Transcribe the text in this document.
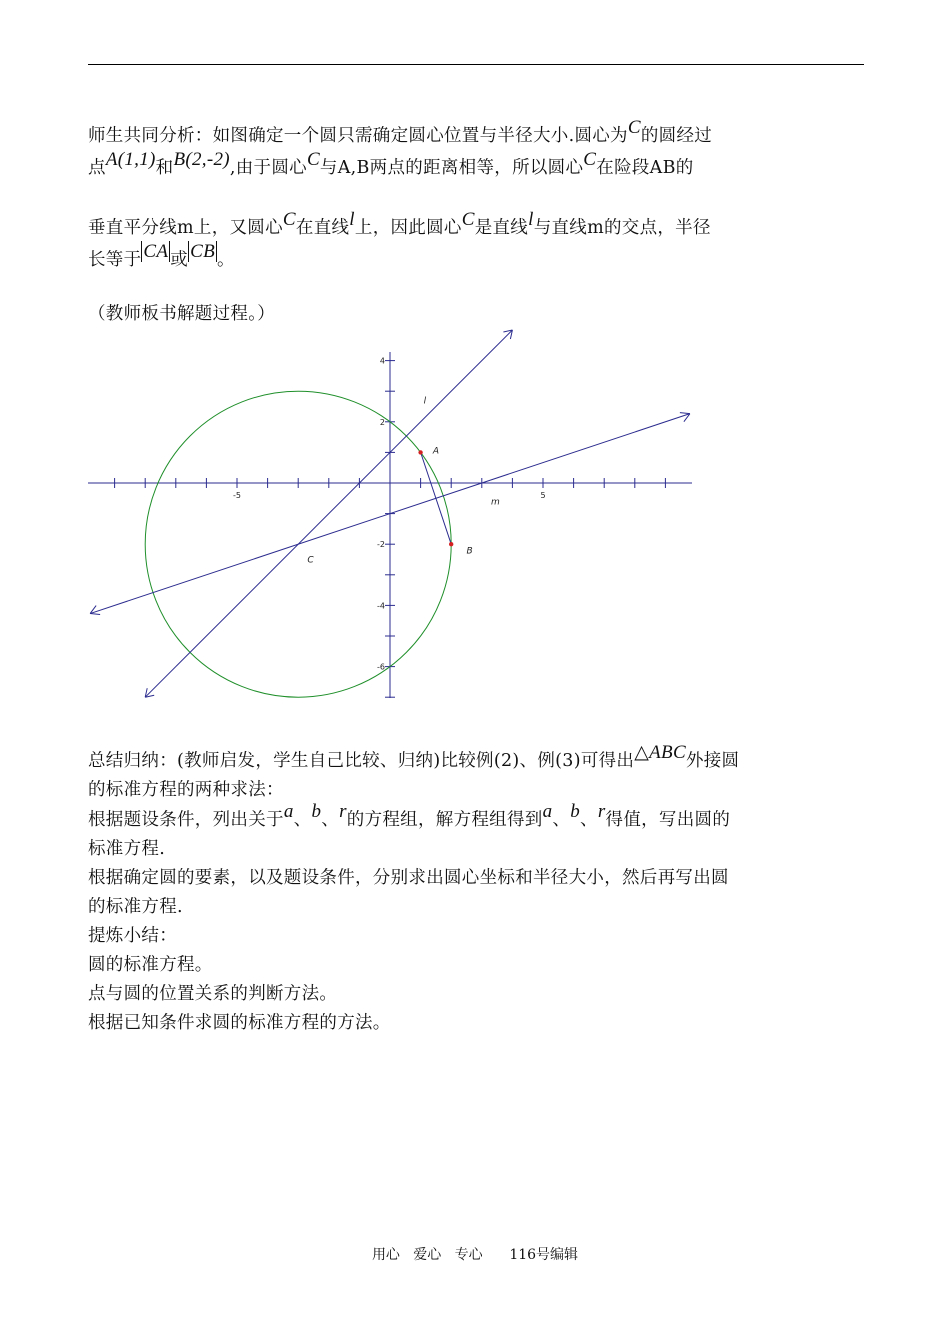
师生共同分析：如图确定一个圆只需确定圆心位置与半径大小.圆心为C的圆经过
点A(1,1)和B(2,-2),由于圆心C与A,B两点的距离相等，所以圆心C在险段AB的
垂直平分线m上，又圆心C在直线l上，因此圆心C是直线l与直线m的交点，半径
长等于 CA 或 CB 。
（教师板书解题过程。）
-5	5
4
2
-2
-4
-6
l
A
m
B
C
总结归纳：(教师启发，学生自己比较、归纳)比较例(2)、例(3)可得出△ABC外接圆
的标准方程的两种求法：
根据题设条件，列出关于a、b、r的方程组，解方程组得到a、b、r得值，写出圆的
标准方程.
根据确定圆的要素，以及题设条件，分别求出圆心坐标和半径大小，然后再写出圆
的标准方程.
提炼小结：
圆的标准方程。
点与圆的位置关系的判断方法。
根据已知条件求圆的标准方程的方法。
用心   爱心   专心      116号编辑
